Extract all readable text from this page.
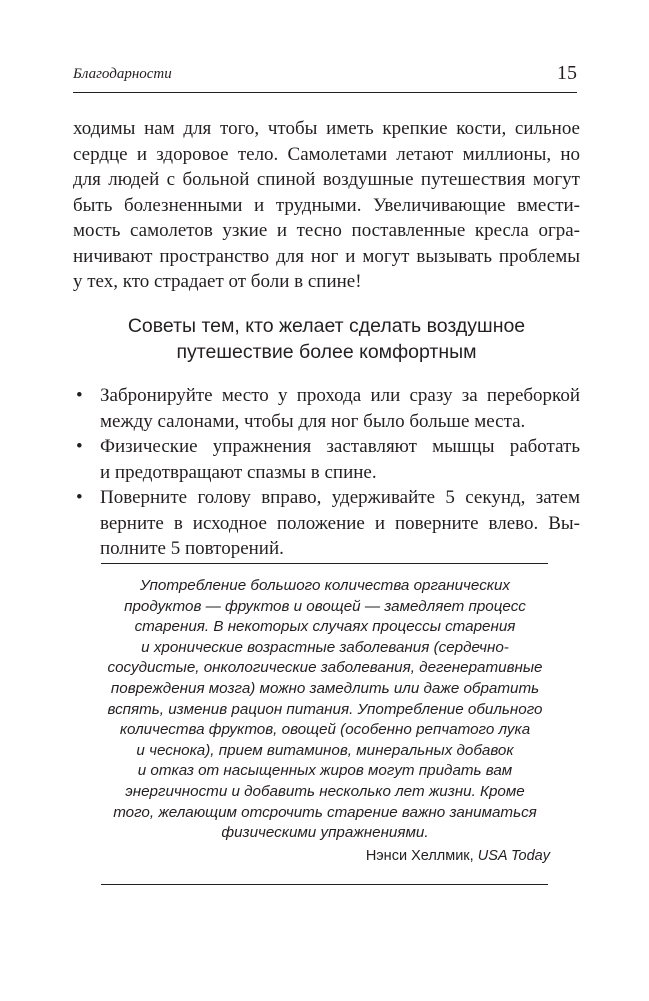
Благодарности	15
ходимы нам для того, чтобы иметь крепкие кости, сильное
сердце и здоровое тело. Самолетами летают миллионы, но
для людей с больной спиной воздушные путешествия могут
быть болезненными и трудными. Увеличивающие вмести-
мость самолетов узкие и тесно поставленные кресла огра-
ничивают пространство для ног и могут вызывать проблемы
у тех, кто страдает от боли в спине!
Советы тем, кто желает сделать воздушное
путешествие более комфортным
• Забронируйте место у прохода или сразу за переборкой
между салонами, чтобы для ног было больше места.
• Физические упражнения заставляют мышцы работать
и предотвращают спазмы в спине.
• Поверните голову вправо, удерживайте 5 секунд, затем
верните в исходное положение и поверните влево. Вы-
полните 5 повторений.
Употребление большого количества органических
продуктов — фруктов и овощей — замедляет процесс
старения. В некоторых случаях процессы старения
и хронические возрастные заболевания (сердечно-
сосудистые, онкологические заболевания, дегенеративные
повреждения мозга) можно замедлить или даже обратить
вспять, изменив рацион питания. Употребление обильного
количества фруктов, овощей (особенно репчатого лука
и чеснока), прием витаминов, минеральных добавок
и отказ от насыщенных жиров могут придать вам
энергичности и добавить несколько лет жизни. Кроме
того, желающим отсрочить старение важно заниматься
физическими упражнениями.
Нэнси Хеллмик, USA Today
